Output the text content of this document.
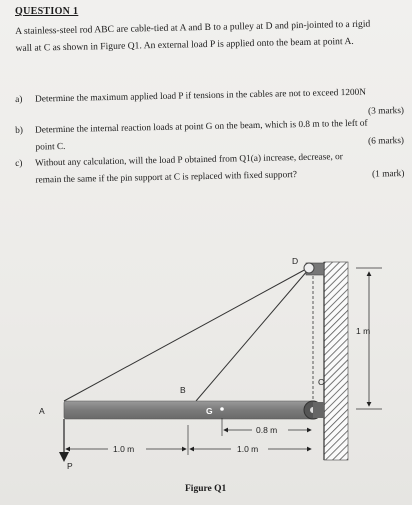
QUESTION 1
A stainless-steel rod ABC are cable-tied at A and B to a pulley at D and pin-jointed to a rigid
wall at C as shown in Figure Q1. An external load P is applied onto the beam at point A.
a) Determine the maximum applied load P if tensions in the cables are not to exceed 1200N
(3 marks)
b) Determine the internal reaction loads at point G on the beam, which is 0.8 m to the left of
point C.
(6 marks)
c) Without any calculation, will the load P obtained from Q1(a) increase, decrease, or
remain the same if the pin support at C is replaced with fixed support?	(1 mark)
A
B
C
D
G
P
1.0 m	1.0 m
0.8 m
1 m
Figure Q1
